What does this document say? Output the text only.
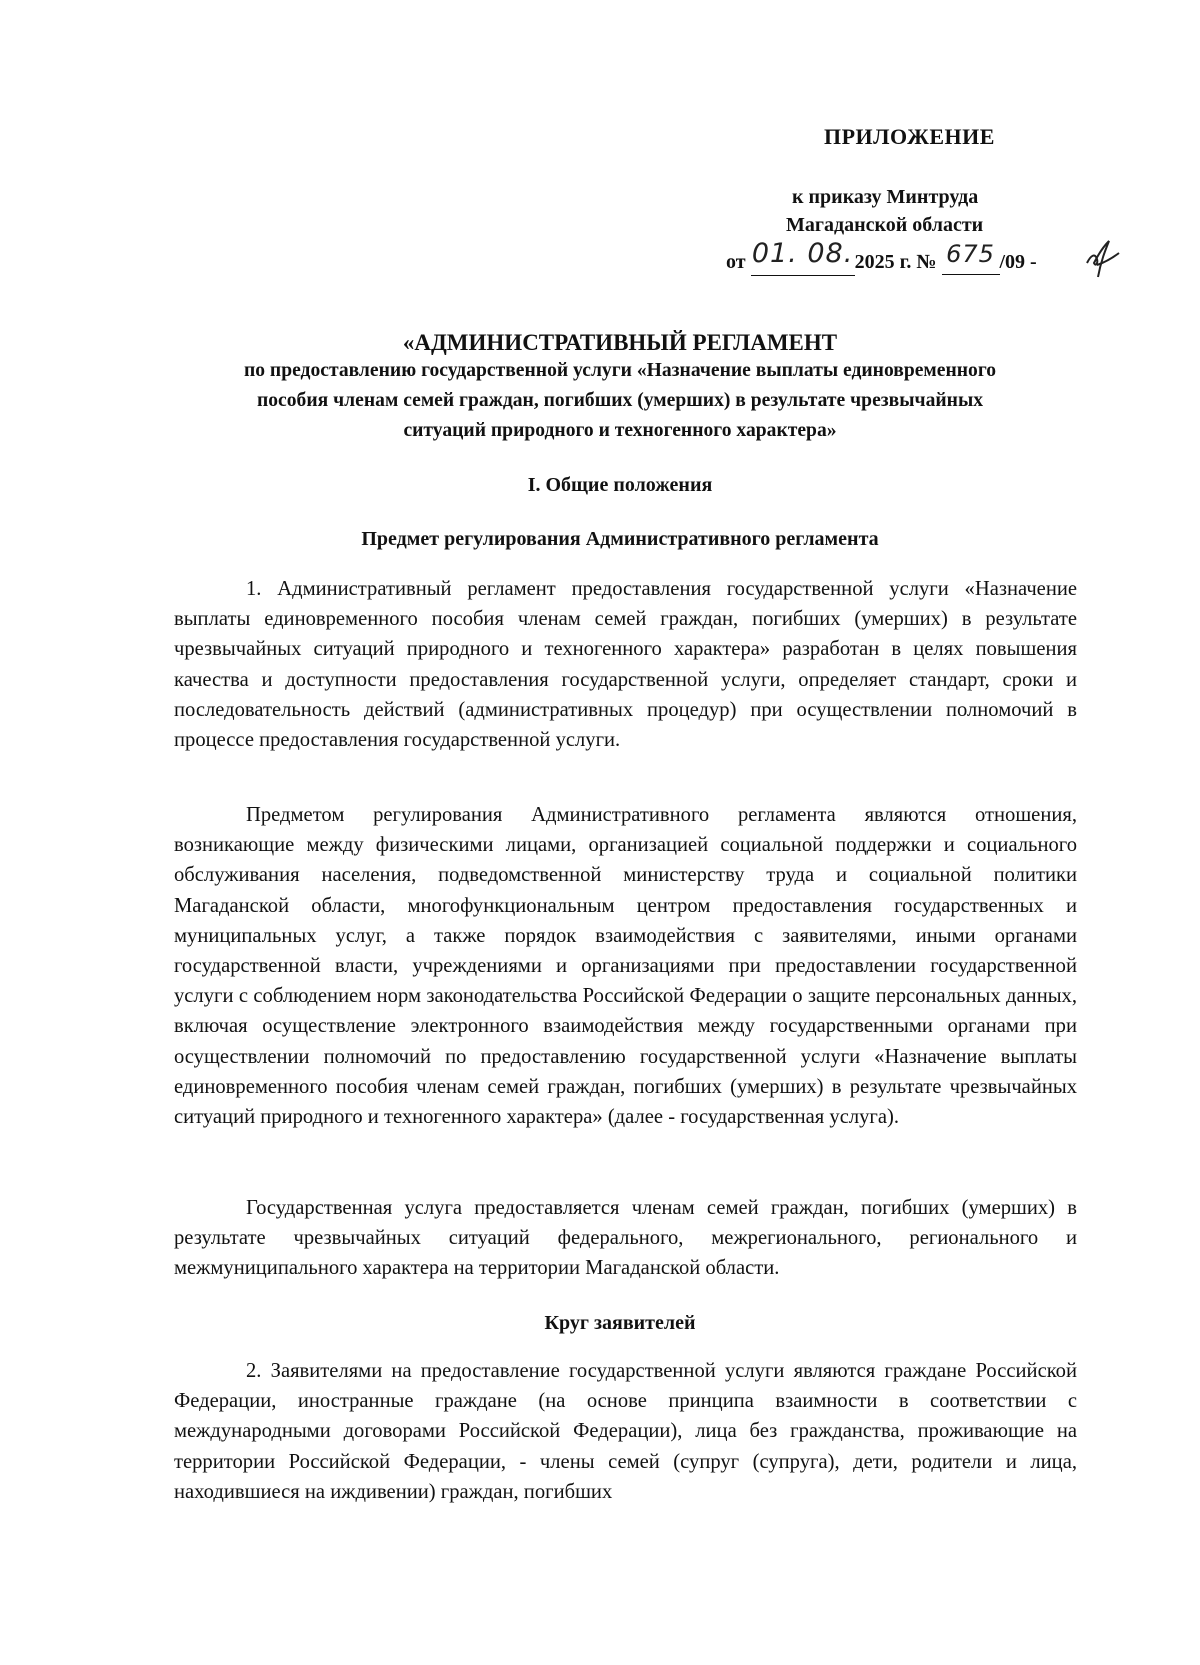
ПРИЛОЖЕНИЕ
к приказу Минтруда
Магаданской области
от 01. 08.2025 г. № 675 /09 -
«АДМИНИСТРАТИВНЫЙ РЕГЛАМЕНТ
по предоставлению государственной услуги «Назначение выплаты единовременного
пособия членам семей граждан, погибших (умерших) в результате чрезвычайных
ситуаций природного и техногенного характера»
I. Общие положения
Предмет регулирования Административного регламента

1. Административный регламент предоставления государственной услуги «Назначение выплаты единовременного пособия членам семей граждан, погибших (умерших) в результате чрезвычайных ситуаций природного и техногенного характера» разработан в целях повышения качества и доступности предоставления государственной услуги, определяет стандарт, сроки и последовательность действий (административных процедур) при осуществлении полномочий в процессе предоставления государственной услуги.

Предметом регулирования Административного регламента являются отношения, возникающие между физическими лицами, организацией социальной поддержки и социального обслуживания населения, подведомственной министерству труда и социальной политики Магаданской области, многофункциональным центром предоставления государственных и муниципальных услуг, а также порядок взаимодействия с заявителями, иными органами государственной власти, учреждениями и организациями при предоставлении государственной услуги с соблюдением норм законодательства Российской Федерации о защите персональных данных, включая осуществление электронного взаимодействия между государственными органами при осуществлении полномочий по предоставлению государственной услуги «Назначение выплаты единовременного пособия членам семей граждан, погибших (умерших) в результате чрезвычайных ситуаций природного и техногенного характера» (далее - государственная услуга).

Государственная услуга предоставляется членам семей граждан, погибших (умерших) в результате чрезвычайных ситуаций федерального, межрегионального, регионального и межмуниципального характера на территории Магаданской области.

Круг заявителей

2. Заявителями на предоставление государственной услуги являются граждане Российской Федерации, иностранные граждане (на основе принципа взаимности в соответствии с международными договорами Российской Федерации), лица без гражданства, проживающие на территории Российской Федерации, - члены семей (супруг (супруга), дети, родители и лица, находившиеся на иждивении) граждан, погибших
